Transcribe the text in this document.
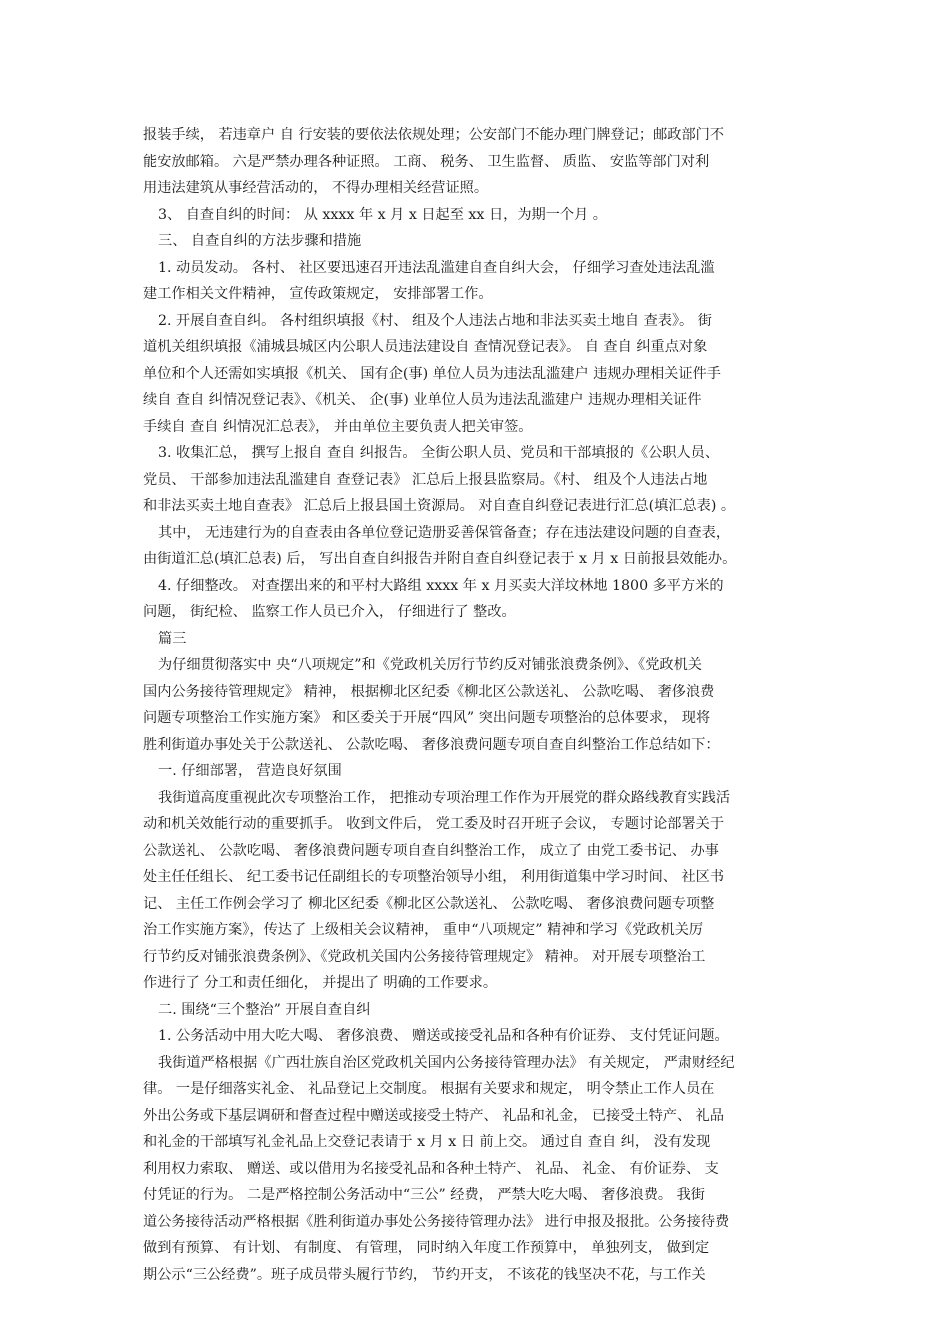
报装手续， 若违章户 自 行安装的要依法依规处理；公安部门不能办理门牌登记；邮政部门不
能安放邮箱。 六是严禁办理各种证照。 工商、 税务、 卫生监督、 质监、 安监等部门对利
用违法建筑从事经营活动的， 不得办理相关经营证照。
3、 自查自纠的时间： 从 xxxx 年 x 月 x 日起至 xx 日，为期一个月 。
三、 自查自纠的方法步骤和措施
1. 动员发动。 各村、 社区要迅速召开违法乱滥建自查自纠大会， 仔细学习查处违法乱滥
建工作相关文件精神， 宣传政策规定， 安排部署工作。
2. 开展自查自纠。 各村组织填报《村、 组及个人违法占地和非法买卖土地自 查表》。 街
道机关组织填报《浦城县城区内公职人员违法建设自 查情况登记表》。 自 查自 纠重点对象
单位和个人还需如实填报《机关、 国有企(事) 单位人员为违法乱滥建户 违规办理相关证件手
续自 查自 纠情况登记表》、《机关、 企(事) 业单位人员为违法乱滥建户 违规办理相关证件
手续自 查自 纠情况汇总表》， 并由单位主要负责人把关审签。
3. 收集汇总， 撰写上报自 查自 纠报告。 全街公职人员、党员和干部填报的《公职人员、
党员、 干部参加违法乱滥建自 查登记表》 汇总后上报县监察局。《村、 组及个人违法占地
和非法买卖土地自查表》 汇总后上报县国土资源局。 对自查自纠登记表进行汇总(填汇总表) 。
其中， 无违建行为的自查表由各单位登记造册妥善保管备查；存在违法建设问题的自查表，
由街道汇总(填汇总表) 后， 写出自查自纠报告并附自查自纠登记表于 x 月 x 日前报县效能办。
4. 仔细整改。 对查摆出来的和平村大路组 xxxx 年 x 月买卖大洋坟林地 1800 多平方米的
问题， 街纪检、 监察工作人员已介入， 仔细进行了 整改。
篇三
为仔细贯彻落实中 央“八项规定”和《党政机关厉行节约反对铺张浪费条例》、《党政机关
国内公务接待管理规定》 精神， 根据柳北区纪委《柳北区公款送礼、 公款吃喝、 奢侈浪费
问题专项整治工作实施方案》 和区委关于开展“四风” 突出问题专项整治的总体要求， 现将
胜利街道办事处关于公款送礼、 公款吃喝、 奢侈浪费问题专项自查自纠整治工作总结如下：
一. 仔细部署， 营造良好氛围
我街道高度重视此次专项整治工作， 把推动专项治理工作作为开展党的群众路线教育实践活
动和机关效能行动的重要抓手。 收到文件后， 党工委及时召开班子会议， 专题讨论部署关于
公款送礼、 公款吃喝、 奢侈浪费问题专项自查自纠整治工作， 成立了 由党工委书记、 办事
处主任任组长、 纪工委书记任副组长的专项整治领导小组， 利用街道集中学习时间、 社区书
记、 主任工作例会学习了 柳北区纪委《柳北区公款送礼、 公款吃喝、 奢侈浪费问题专项整
治工作实施方案》，传达了 上级相关会议精神， 重申“八项规定” 精神和学习《党政机关厉
行节约反对铺张浪费条例》、《党政机关国内公务接待管理规定》 精神。 对开展专项整治工
作进行了 分工和责任细化， 并提出了 明确的工作要求。
二. 围绕“三个整治” 开展自查自纠
1. 公务活动中用大吃大喝、 奢侈浪费、 赠送或接受礼品和各种有价证券、 支付凭证问题。
我街道严格根据《广西壮族自治区党政机关国内公务接待管理办法》 有关规定， 严肃财经纪
律。 一是仔细落实礼金、 礼品登记上交制度。 根据有关要求和规定， 明令禁止工作人员在
外出公务或下基层调研和督查过程中赠送或接受土特产、 礼品和礼金， 已接受土特产、 礼品
和礼金的干部填写礼金礼品上交登记表请于 x 月 x 日 前上交。 通过自 查自 纠， 没有发现
利用权力索取、 赠送、或以借用为名接受礼品和各种土特产、 礼品、 礼金、 有价证券、 支
付凭证的行为。 二是严格控制公务活动中“三公” 经费， 严禁大吃大喝、 奢侈浪费。 我街
道公务接待活动严格根据《胜利街道办事处公务接待管理办法》 进行申报及报批。公务接待费
做到有预算、 有计划、 有制度、 有管理， 同时纳入年度工作预算中， 单独列支， 做到定
期公示“三公经费”。班子成员带头履行节约， 节约开支， 不该花的钱坚决不花，与工作关
